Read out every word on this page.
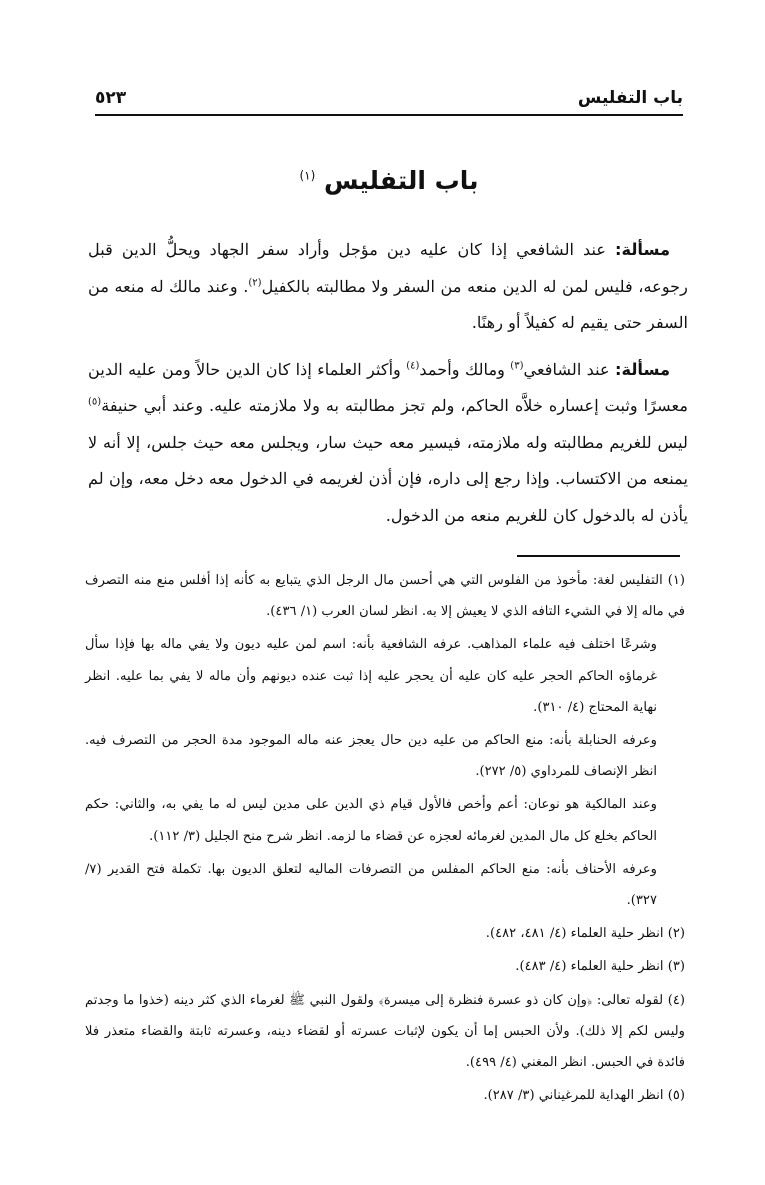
باب التفليس
٥٢٣
باب التفليس $^{(١)}$

مسألة: عند الشافعي إذا كان عليه دين مؤجل وأراد سفر الجهاد ويحلُّ الدين قبل رجوعه، فليس لمن له الدين منعه من السفر ولا مطالبته بالكفيل$^{(٢)}$. وعند مالك له منعه من السفر حتى يقيم له كفيلاً أو رهنًا.

مسألة: عند الشافعي$^{(٣)}$ ومالك وأحمد$^{(٤)}$ وأكثر العلماء إذا كان الدين حالاً ومن عليه الدين معسرًا وثبت إعساره خلاَّه الحاكم، ولم تجز مطالبته به ولا ملازمته عليه. وعند أبي حنيفة$^{(٥)}$ ليس للغريم مطالبته وله ملازمته، فيسير معه حيث سار، ويجلس معه حيث جلس، إلا أنه لا يمنعه من الاكتساب. وإذا رجع إلى داره، فإن أذن لغريمه في الدخول معه دخل معه، وإن لم يأذن له بالدخول كان للغريم منعه من الدخول.

(١) التفليس لغة: مأخوذ من الفلوس التي هي أحسن مال الرجل الذي يتبايع به كأنه إذا أفلس منع منه التصرف في ماله إلا في الشيء التافه الذي لا يعيش إلا به. انظر لسان العرب (١/ ٤٣٦).

وشرعًا اختلف فيه علماء المذاهب. عرفه الشافعية بأنه: اسم لمن عليه ديون ولا يفي ماله بها فإذا سأل غرماؤه الحاكم الحجر عليه كان عليه أن يحجر عليه إذا ثبت عنده ديونهم وأن ماله لا يفي بما عليه. انظر نهاية المحتاج (٤/ ٣١٠).

وعرفه الحنابلة بأنه: منع الحاكم من عليه دين حال يعجز عنه ماله الموجود مدة الحجر من التصرف فيه. انظر الإنصاف للمرداوي (٥/ ٢٧٢).

وعند المالكية هو نوعان: أعم وأخص فالأول قيام ذي الدين على مدين ليس له ما يفي به، والثاني: حكم الحاكم بخلع كل مال المدين لغرمائه لعجزه عن قضاء ما لزمه. انظر شرح منح الجليل (٣/ ١١٢).

وعرفه الأحناف بأنه: منع الحاكم المفلس من التصرفات الماليه لتعلق الديون بها. تكملة فتح القدير (٧/ ٣٢٧).

(٢) انظر حلية العلماء (٤/ ٤٨١، ٤٨٢).

(٣) انظر حلية العلماء (٤/ ٤٨٣).

(٤) لقوله تعالى: ﴿وإن كان ذو عسرة فنظرة إلى ميسرة﴾ ولقول النبي ﷺ لغرماء الذي كثر دينه (خذوا ما وجدتم وليس لكم إلا ذلك). ولأن الحبس إما أن يكون لإثبات عسرته أو لقضاء دينه، وعسرته ثابتة والقضاء متعذر فلا فائدة في الحبس. انظر المغني (٤/ ٤٩٩).

(٥) انظر الهداية للمرغيناني (٣/ ٢٨٧).
